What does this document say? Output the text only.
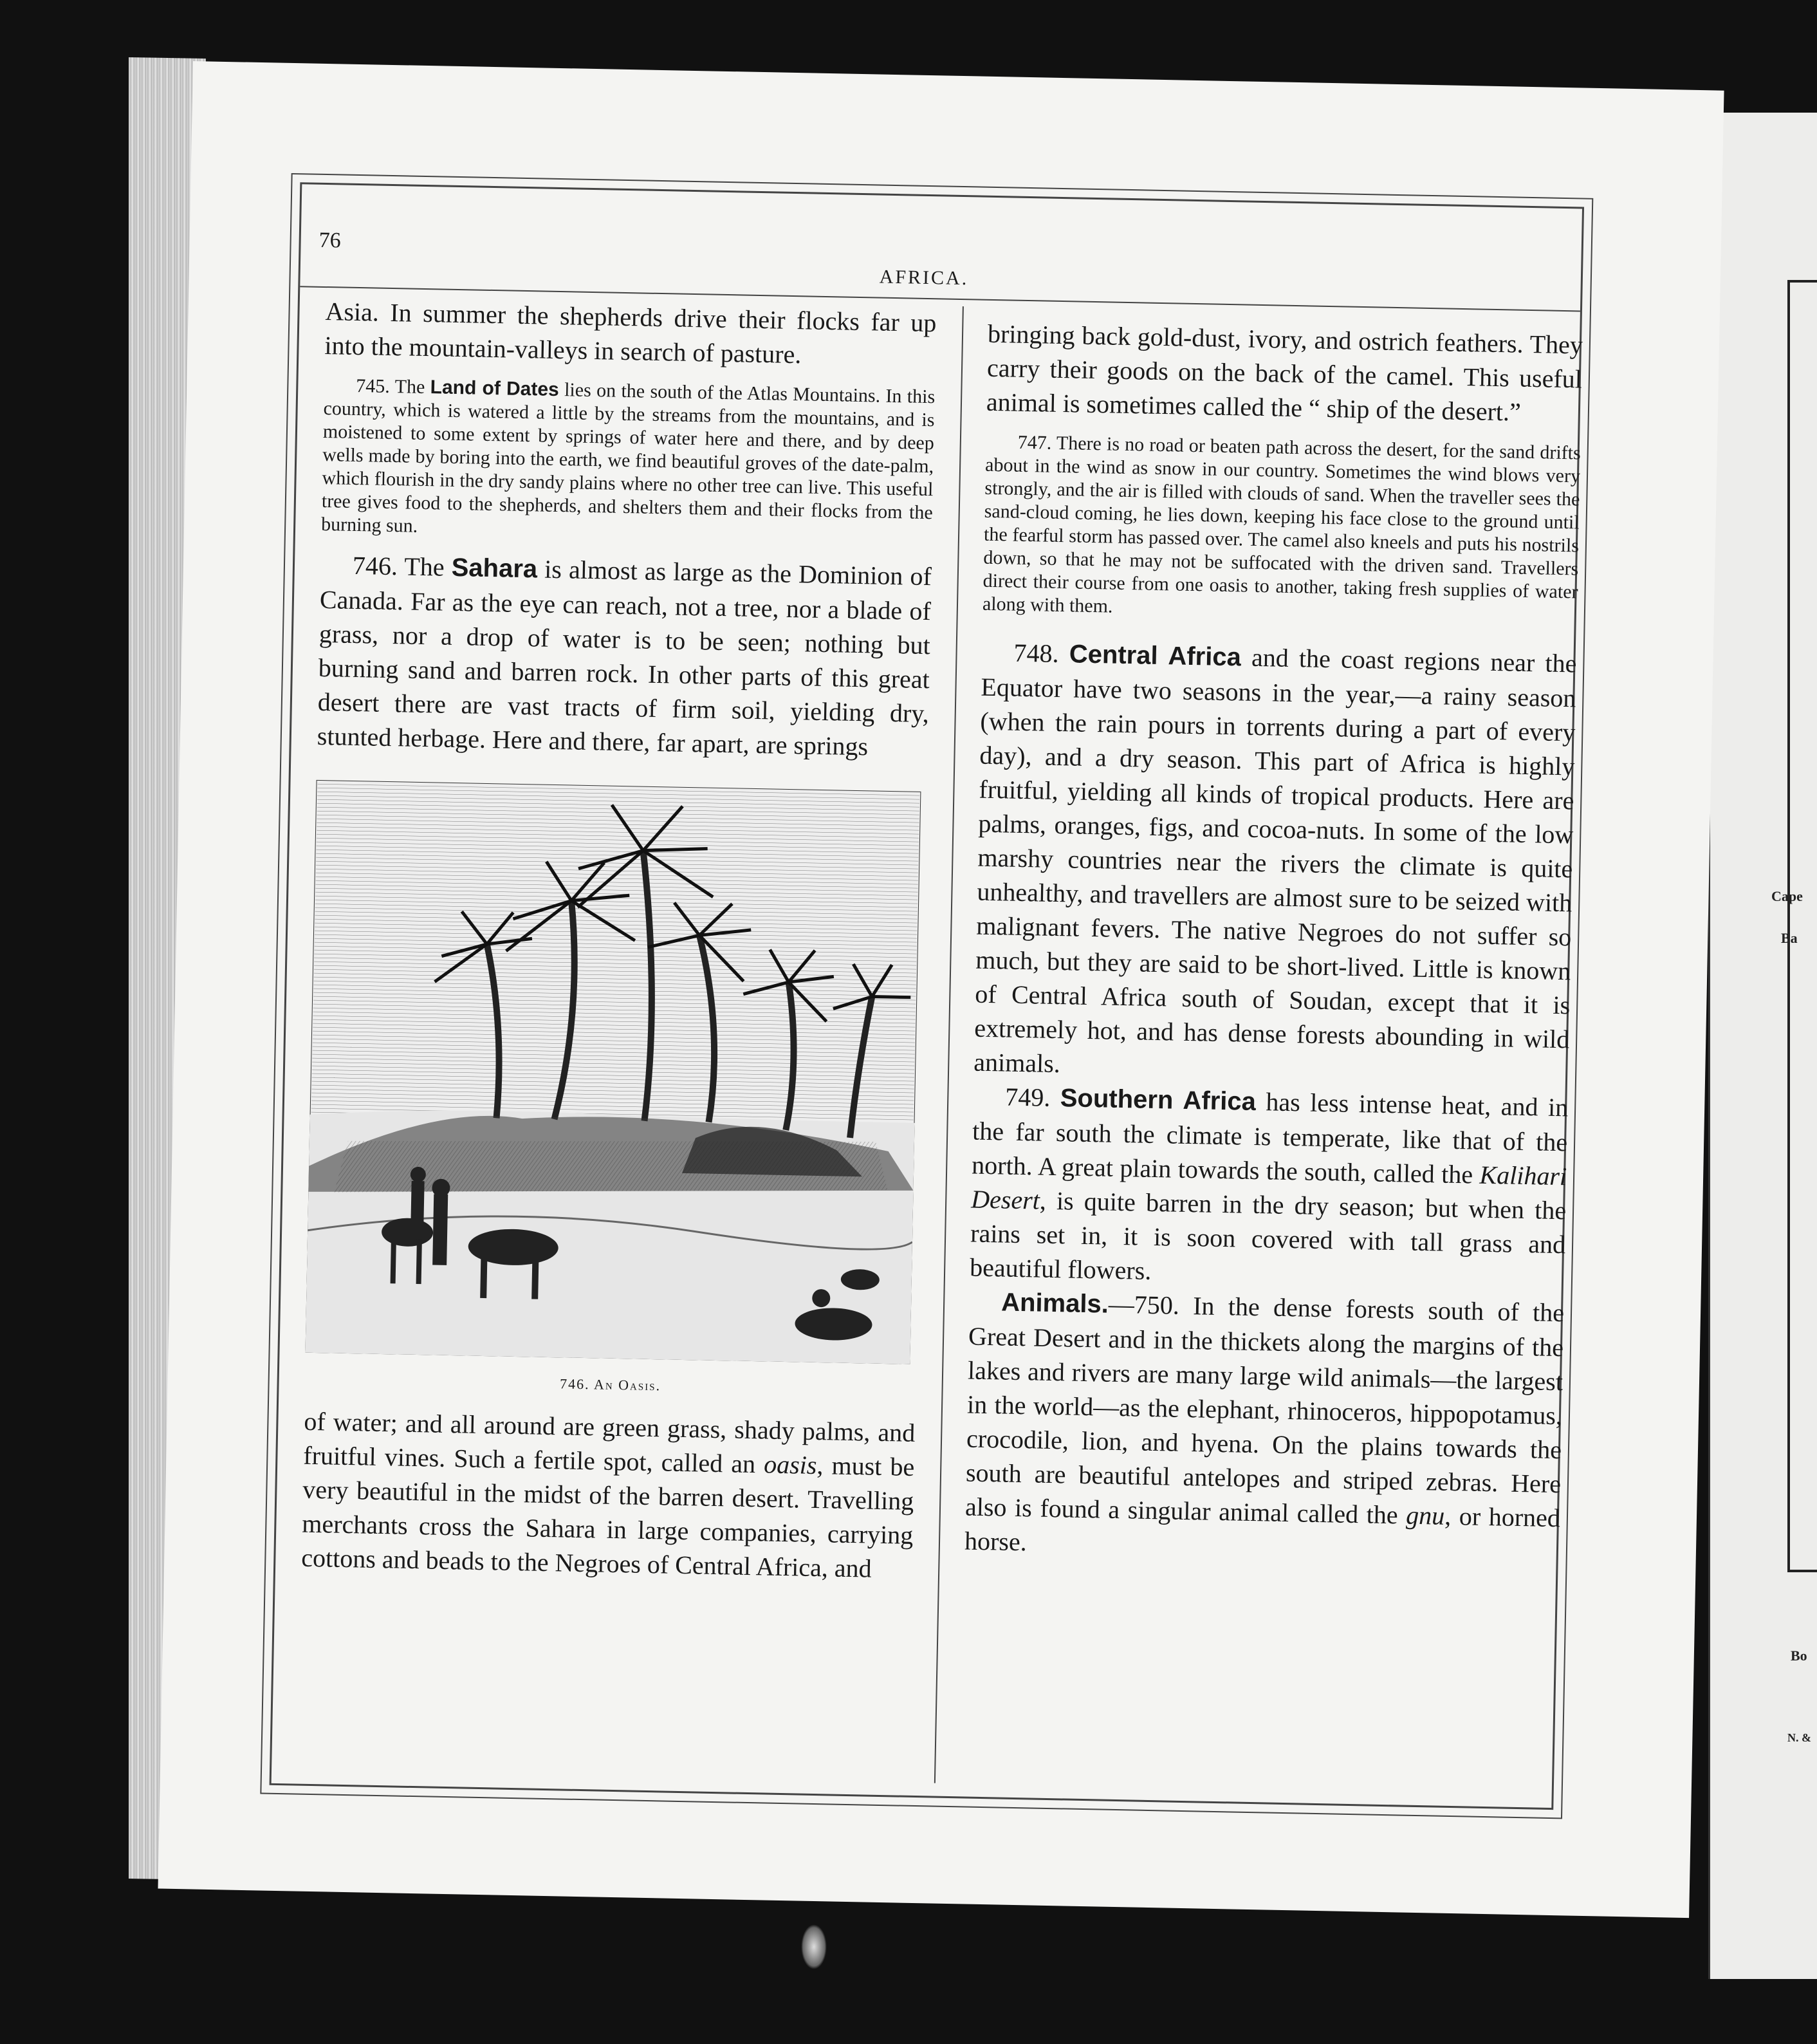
Cape
Ba
Bo
N. &
76
AFRICA.

Asia. In summer the shepherds drive their flocks far up into the mountain-valleys in search of pasture.

745. The Land of Dates lies on the south of the Atlas Mountains. In this country, which is watered a little by the streams from the mountains, and is moistened to some extent by springs of water here and there, and by deep wells made by boring into the earth, we find beautiful groves of the date-palm, which flourish in the dry sandy plains where no other tree can live. This useful tree gives food to the shepherds, and shelters them and their flocks from the burning sun.

746. The Sahara is almost as large as the Dominion of Canada. Far as the eye can reach, not a tree, nor a blade of grass, nor a drop of water is to be seen; nothing but burning sand and barren rock. In other parts of this great desert there are vast tracts of firm soil, yielding dry, stunted herbage. Here and there, far apart, are springs

746. An Oasis.

of water; and all around are green grass, shady palms, and fruitful vines. Such a fertile spot, called an oasis, must be very beautiful in the midst of the barren desert. Travelling merchants cross the Sahara in large companies, carrying cottons and beads to the Negroes of Central Africa, and

bringing back gold-dust, ivory, and ostrich feathers. They carry their goods on the back of the camel. This useful animal is sometimes called the “ ship of the desert.”

747. There is no road or beaten path across the desert, for the sand drifts about in the wind as snow in our country. Sometimes the wind blows very strongly, and the air is filled with clouds of sand. When the traveller sees the sand-cloud coming, he lies down, keeping his face close to the ground until the fearful storm has passed over. The camel also kneels and puts his nostrils down, so that he may not be suffocated with the driven sand. Travellers direct their course from one oasis to another, taking fresh supplies of water along with them.

748. Central Africa and the coast regions near the Equator have two seasons in the year,—a rainy season (when the rain pours in torrents during a part of every day), and a dry season. This part of Africa is highly fruitful, yielding all kinds of tropical products. Here are palms, oranges, figs, and cocoa-nuts. In some of the low marshy countries near the rivers the climate is quite unhealthy, and travellers are almost sure to be seized with malignant fevers. The native Negroes do not suffer so much, but they are said to be short-lived. Little is known of Central Africa south of Soudan, except that it is extremely hot, and has dense forests abounding in wild animals.

749. Southern Africa has less intense heat, and in the far south the climate is temperate, like that of the north. A great plain towards the south, called the Kalihari Desert, is quite barren in the dry season; but when the rains set in, it is soon covered with tall grass and beautiful flowers.

Animals.—750. In the dense forests south of the Great Desert and in the thickets along the margins of the lakes and rivers are many large wild animals—the largest in the world—as the elephant, rhinoceros, hippopotamus, crocodile, lion, and hyena. On the plains towards the south are beautiful antelopes and striped zebras. Here also is found a singular animal called the gnu, or horned horse.
